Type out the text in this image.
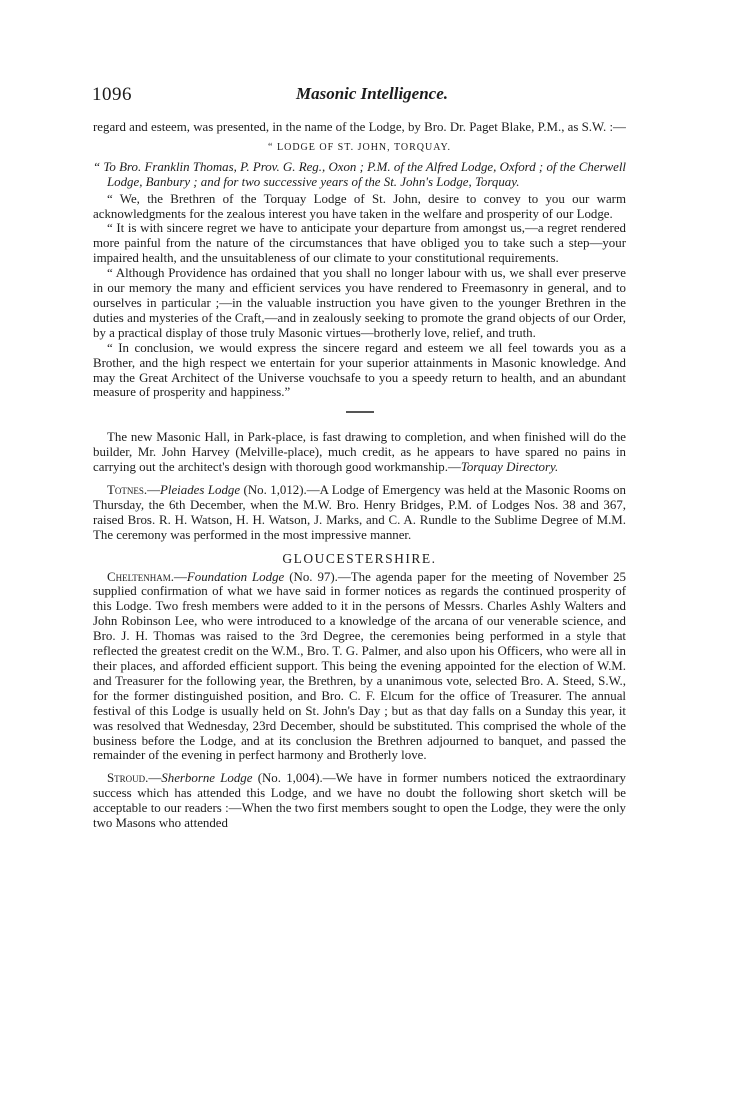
1096	Masonic Intelligence.

regard and esteem, was presented, in the name of the Lodge, by Bro. Dr. Paget Blake, P.M., as S.W. :—

“ LODGE OF ST. JOHN, TORQUAY.

“ To Bro. Franklin Thomas, P. Prov. G. Reg., Oxon ; P.M. of the Alfred Lodge, Oxford ; of the Cherwell Lodge, Banbury ; and for two successive years of the St. John's Lodge, Torquay.

“ We, the Brethren of the Torquay Lodge of St. John, desire to convey to you our warm acknowledgments for the zealous interest you have taken in the welfare and prosperity of our Lodge.

“ It is with sincere regret we have to anticipate your departure from amongst us,—a regret rendered more painful from the nature of the circumstances that have obliged you to take such a step—your impaired health, and the unsuitableness of our climate to your constitutional requirements.

“ Although Providence has ordained that you shall no longer labour with us, we shall ever preserve in our memory the many and efficient services you have rendered to Freemasonry in general, and to ourselves in particular ;—in the valuable instruction you have given to the younger Brethren in the duties and mysteries of the Craft,—and in zealously seeking to promote the grand objects of our Order, by a practical display of those truly Masonic virtues—brotherly love, relief, and truth.

“ In conclusion, we would express the sincere regard and esteem we all feel towards you as a Brother, and the high respect we entertain for your superior attainments in Masonic knowledge. And may the Great Architect of the Universe vouchsafe to you a speedy return to health, and an abundant measure of prosperity and happiness.”

The new Masonic Hall, in Park-place, is fast drawing to completion, and when finished will do the builder, Mr. John Harvey (Melville-place), much credit, as he appears to have spared no pains in carrying out the architect's design with thorough good workmanship.—Torquay Directory.

Totnes.—Pleiades Lodge (No. 1,012).—A Lodge of Emergency was held at the Masonic Rooms on Thursday, the 6th December, when the M.W. Bro. Henry Bridges, P.M. of Lodges Nos. 38 and 367, raised Bros. R. H. Watson, H. H. Watson, J. Marks, and C. A. Rundle to the Sublime Degree of M.M. The ceremony was performed in the most impressive manner.

GLOUCESTERSHIRE.

Cheltenham.—Foundation Lodge (No. 97).—The agenda paper for the meeting of November 25 supplied confirmation of what we have said in former notices as regards the continued prosperity of this Lodge. Two fresh members were added to it in the persons of Messrs. Charles Ashly Walters and John Robinson Lee, who were introduced to a knowledge of the arcana of our venerable science, and Bro. J. H. Thomas was raised to the 3rd Degree, the ceremonies being performed in a style that reflected the greatest credit on the W.M., Bro. T. G. Palmer, and also upon his Officers, who were all in their places, and afforded efficient support. This being the evening appointed for the election of W.M. and Treasurer for the following year, the Brethren, by a unanimous vote, selected Bro. A. Steed, S.W., for the former distinguished position, and Bro. C. F. Elcum for the office of Treasurer. The annual festival of this Lodge is usually held on St. John's Day ; but as that day falls on a Sunday this year, it was resolved that Wednesday, 23rd December, should be substituted. This comprised the whole of the business before the Lodge, and at its conclusion the Brethren adjourned to banquet, and passed the remainder of the evening in perfect harmony and Brotherly love.

Stroud.—Sherborne Lodge (No. 1,004).—We have in former numbers noticed the extraordinary success which has attended this Lodge, and we have no doubt the following short sketch will be acceptable to our readers :—When the two first members sought to open the Lodge, they were the only two Masons who attended
